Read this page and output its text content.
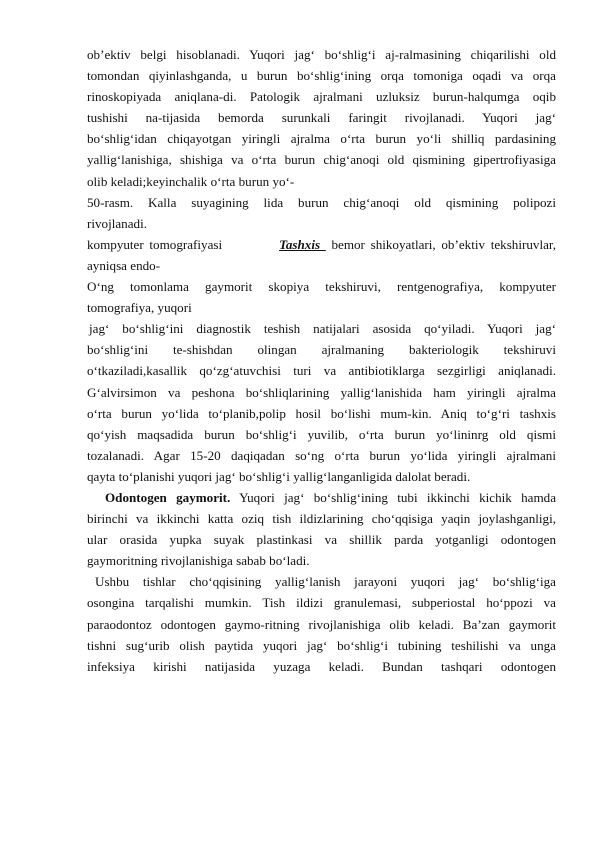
ob’ektiv belgi hisoblanadi. Yuqori jag‘ bo‘shlig‘i aj-ralmasining chiqarilishi old
tomondan qiyinlashganda, u burun bo‘shlig‘ining orqa tomoniga oqadi va orqa
rinoskopiyada aniqlana-di. Patologik ajralmani uzluksiz burun-halqumga oqib
tushishi na-tijasida bemorda surunkali faringit rivojlanadi. Yuqori jag‘
bo‘shlig‘idan chiqayotgan yiringli ajralma o‘rta burun yo‘li shilliq pardasining
yallig‘lanishiga, shishiga va o‘rta burun chig‘anoqi old qismining gipertrofiyasiga
olib keladi;keyinchalik o‘rta burun yo‘-
50-rasm. Kalla suyagining lida burun chig‘anoqi old qismining polipozi
rivojlanadi.
kompyuter tomografiyasi          Tashxis  bemor shikoyatlari, ob’ektiv tekshiruvlar,
ayniqsa endo-
O‘ng tomonlama gaymorit skopiya tekshiruvi, rentgenografiya, kompyuter
tomografiya, yuqori
jag‘ bo‘shlig‘ini diagnostik teshish natijalari asosida qo‘yiladi. Yuqori jag‘
bo‘shlig‘ini te-shishdan olingan ajralmaning bakteriologik tekshiruvi
o‘tkaziladi,kasallik qo‘zg‘atuvchisi turi va antibiotiklarga sezgirligi aniqlanadi.
G‘alvirsimon va peshona bo‘shliqlarining yallig‘lanishida ham yiringli ajralma
o‘rta burun yo‘lida to‘planib,polip hosil bo‘lishi mum-kin. Aniq to‘g‘ri tashxis
qo‘yish maqsadida burun bo‘shlig‘i yuvilib, o‘rta burun yo‘lininrg old qismi
tozalanadi. Agar 15-20 daqiqadan so‘ng o‘rta burun yo‘lida yiringli ajralmani
qayta to‘planishi yuqori jag‘ bo‘shlig‘i yallig‘langanligida dalolat beradi.
Odontogen gaymorit. Yuqori jag‘ bo‘shlig‘ining tubi ikkinchi kichik hamda
birinchi va ikkinchi katta oziq tish ildizlarining cho‘qqisiga yaqin joylashganligi,
ular orasida yupka suyak plastinkasi va shillik parda yotganligi odontogen
gaymoritning rivojlanishiga sabab bo‘ladi.
Ushbu tishlar cho‘qqisining yallig‘lanish jarayoni yuqori jag‘ bo‘shlig‘iga
osongina tarqalishi mumkin. Tish ildizi granulemasi, subperiostal ho‘ppozi va
paraodontoz odontogen gaymo-ritning rivojlanishiga olib keladi. Ba’zan gaymorit
tishni sug‘urib olish paytida yuqori jag‘ bo‘shlig‘i tubining teshilishi va unga
infeksiya kirishi natijasida yuzaga keladi. Bundan tashqari odontogen
